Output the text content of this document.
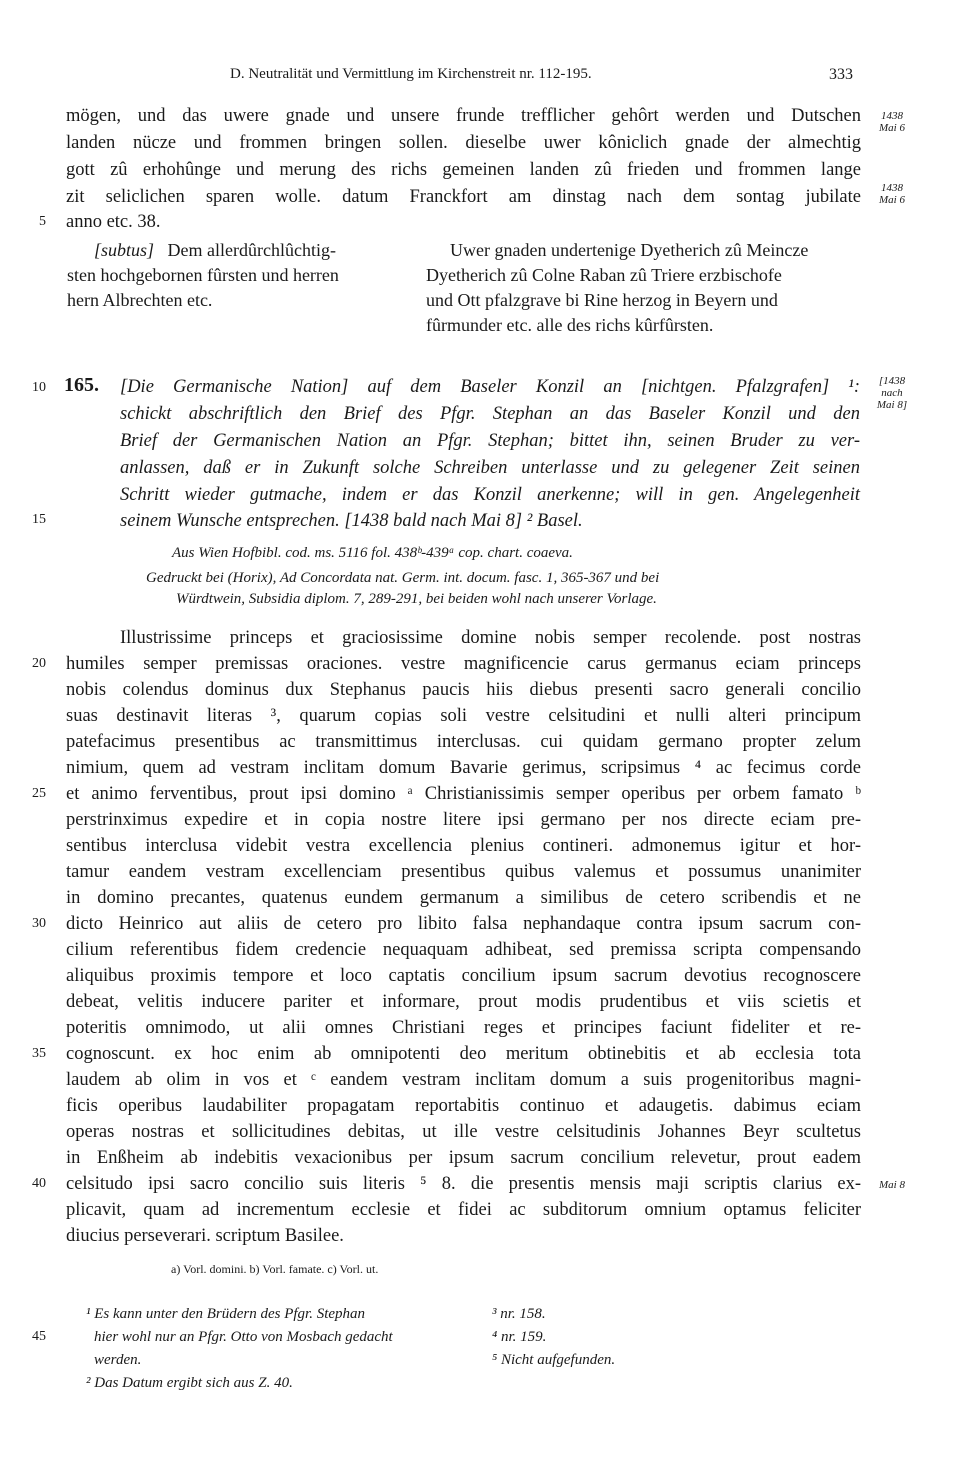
D. Neutralität und Vermittlung im Kirchenstreit nr. 112-195.	333
mögen, und das uwere gnade und unsere frunde trefflicher gehôrt werden und Dutschen
landen nücze und frommen bringen sollen. dieselbe uwer kôniclich gnade der almechtig
gott zû erhohûnge und merung des richs gemeinen landen zû frieden und frommen lange
zit seliclichen sparen wolle. datum Franckfort am dinstag nach dem sontag jubilate
anno etc. 38.
5
1438
Mai 6
1438
Mai 6
[subtus] Dem allerdûrchlûchtig-
sten hochgebornen fûrsten und herren
hern Albrechten etc.
Uwer gnaden undertenige Dyetherich zû Meincze
Dyetherich zû Colne Raban zû Triere erzbischofe
und Ott pfalzgrave bi Rine herzog in Beyern und
fûrmunder etc. alle des richs kûrfûrsten.
10 165. [Die Germanische Nation] auf dem Baseler Konzil an [nichtgen. Pfalzgrafen] ¹:
schickt abschriftlich den Brief des Pfgr. Stephan an das Baseler Konzil und den
Brief der Germanischen Nation an Pfgr. Stephan; bittet ihn, seinen Bruder zu ver-
anlassen, daß er in Zukunft solche Schreiben unterlasse und zu gelegener Zeit seinen
Schritt wieder gutmache, indem er das Konzil anerkenne; will in gen. Angelegenheit
seinem Wunsche entsprechen. [1438 bald nach Mai 8] ² Basel.
15
[1438
nach
Mai 8]
Aus Wien Hofbibl. cod. ms. 5116 fol. 438ᵇ-439ᵃ cop. chart. coaeva.
Gedruckt bei (Horix), Ad Concordata nat. Germ. int. docum. fasc. 1, 365-367 und bei
Würdtwein, Subsidia diplom. 7, 289-291, bei beiden wohl nach unserer Vorlage.
Illustrissime princeps et graciosissime domine nobis semper recolende. post nostras
humiles semper premissas oraciones. vestre magnificencie carus germanus eciam princeps
nobis colendus dominus dux Stephanus paucis hiis diebus presenti sacro generali concilio
suas destinavit literas ³, quarum copias soli vestre celsitudini et nulli alteri principum
patefacimus presentibus ac transmittimus interclusas. cui quidam germano propter zelum
nimium, quem ad vestram inclitam domum Bavarie gerimus, scripsimus ⁴ ac fecimus corde
et animo ferventibus, prout ipsi domino ᵃ Christianissimis semper operibus per orbem famato ᵇ
perstrinximus expedire et in copia nostre litere ipsi germano per nos directe eciam pre-
sentibus interclusa videbit vestra excellencia plenius contineri. admonemus igitur et hor-
tamur eandem vestram excellenciam presentibus quibus valemus et possumus unanimiter
in domino precantes, quatenus eundem germanum a similibus de cetero scribendis et ne
dicto Heinrico aut aliis de cetero pro libito falsa nephandaque contra ipsum sacrum con-
cilium referentibus fidem credencie nequaquam adhibeat, sed premissa scripta compensando
aliquibus proximis tempore et loco captatis concilium ipsum sacrum devotius recognoscere
debeat, velitis inducere pariter et informare, prout modis prudentibus et viis scietis et
poteritis omnimodo, ut alii omnes Christiani reges et principes faciunt fideliter et re-
cognoscunt. ex hoc enim ab omnipotenti deo meritum obtinebitis et ab ecclesia tota
laudem ab olim in vos et ᶜ eandem vestram inclitam domum a suis progenitoribus magni-
ficis operibus laudabiliter propagatam reportabitis continuo et adaugetis. dabimus eciam
operas nostras et sollicitudines debitas, ut ille vestre celsitudinis Johannes Beyr scultetus
in Enßheim ab indebitis vexacionibus per ipsum sacrum concilium relevetur, prout eadem
celsitudo ipsi sacro concilio suis literis ⁵ 8. die presentis mensis maji scriptis clarius ex-
plicavit, quam ad incrementum ecclesie et fidei ac subditorum omnium optamus feliciter
diucius perseverari. scriptum Basilee.
20
25
30
35
40	Mai 8
a) Vorl. domini. b) Vorl. famate. c) Vorl. ut.
¹ Es kann unter den Brüdern des Pfgr. Stephan
hier wohl nur an Pfgr. Otto von Mosbach gedacht
werden.
² Das Datum ergibt sich aus Z. 40.
45
³ nr. 158.
⁴ nr. 159.
⁵ Nicht aufgefunden.
